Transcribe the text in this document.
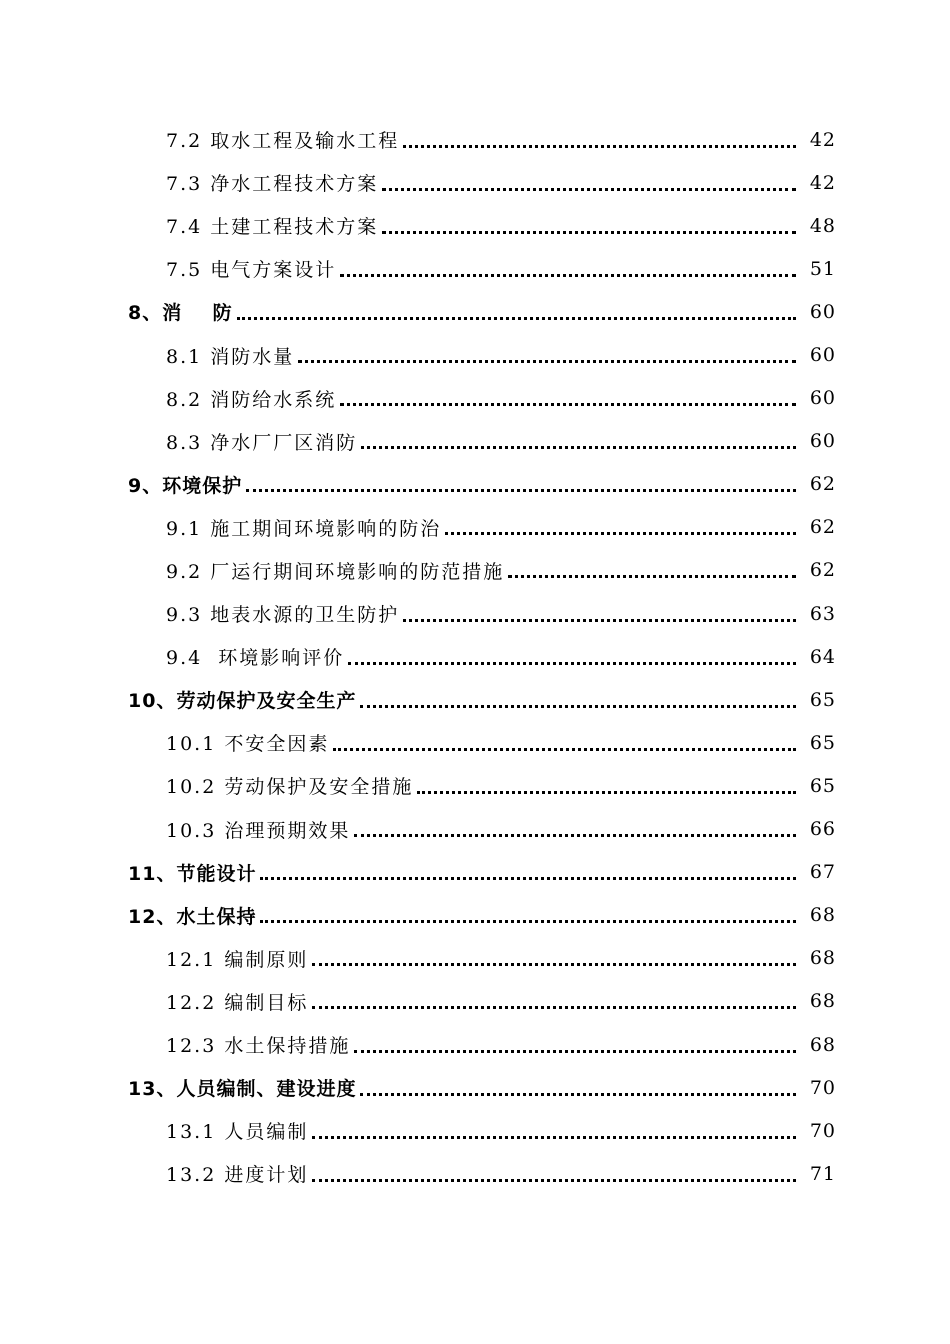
7.2 取水工程及输水工程	42
7.3 净水工程技术方案	42
7.4 土建工程技术方案	48
7.5 电气方案设计	51
8、消    防	60
8.1 消防水量	60
8.2 消防给水系统	60
8.3 净水厂厂区消防	60
9、环境保护	62
9.1 施工期间环境影响的防治	62
9.2 厂运行期间环境影响的防范措施	62
9.3 地表水源的卫生防护	63
9.4  环境影响评价	64
10、劳动保护及安全生产	65
10.1 不安全因素	65
10.2 劳动保护及安全措施	65
10.3 治理预期效果	66
11、节能设计	67
12、水土保持	68
12.1 编制原则	68
12.2 编制目标	68
12.3 水土保持措施	68
13、人员编制、建设进度	70
13.1 人员编制	70
13.2 进度计划	71
